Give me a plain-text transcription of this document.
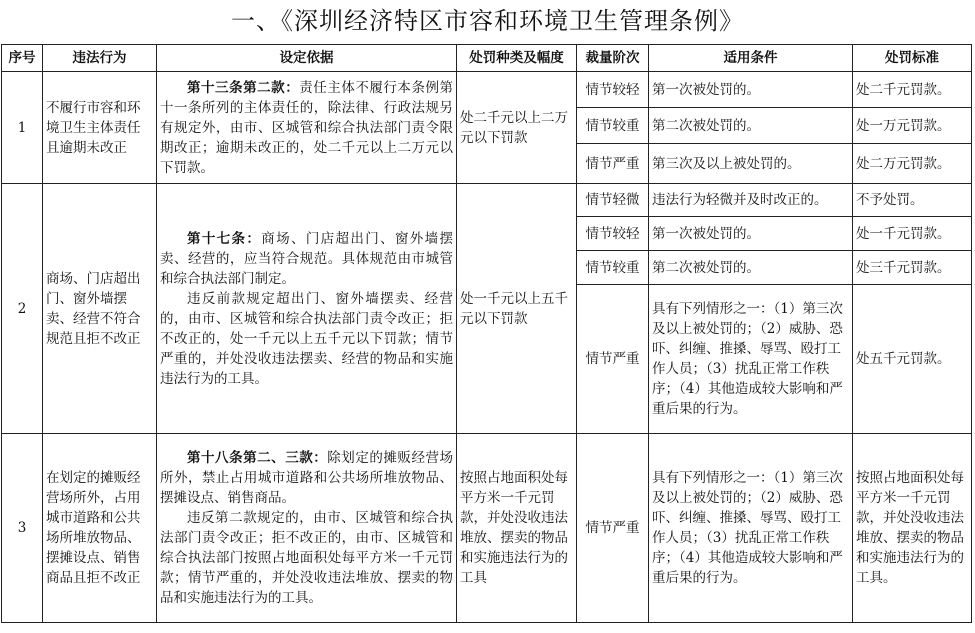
一、《深圳经济特区市容和环境卫生管理条例》
序号	违法行为	设定依据	处罚种类及幅度	裁量阶次	适用条件	处罚标准
1	不履行市容和环境卫生主体责任且逾期未改正	第十三条第二款：责任主体不履行本条例第十一条所列的主体责任的，除法律、行政法规另有规定外，由市、区城管和综合执法部门责令限期改正；逾期未改正的，处二千元以上二万元以下罚款。	处二千元以上二万元以下罚款	情节较轻	第一次被处罚的。	处二千元罚款。
				情节较重	第二次被处罚的。	处一万元罚款。
				情节严重	第三次及以上被处罚的。	处二万元罚款。
2	商场、门店超出门、窗外墙摆卖、经营不符合规范且拒不改正	第十七条：商场、门店超出门、窗外墙摆卖、经营的，应当符合规范。具体规范由市城管和综合执法部门制定。

违反前款规定超出门、窗外墙摆卖、经营的，由市、区城管和综合执法部门责令改正；拒不改正的，处一千元以上五千元以下罚款；情节严重的，并处没收违法摆卖、经营的物品和实施违法行为的工具。	处一千元以上五千元以下罚款	情节轻微	违法行为轻微并及时改正的。	不予处罚。
				情节较轻	第一次被处罚的。	处一千元罚款。
				情节较重	第二次被处罚的。	处三千元罚款。
				情节严重	具有下列情形之一：（1）第三次及以上被处罚的；（2）威胁、恐吓、纠缠、推搡、辱骂、殴打工作人员；（3）扰乱正常工作秩序；（4）其他造成较大影响和严重后果的行为。	处五千元罚款。
3	在划定的摊贩经营场所外，占用城市道路和公共场所堆放物品、摆摊设点、销售商品且拒不改正	第十八条第二、三款：除划定的摊贩经营场所外，禁止占用城市道路和公共场所堆放物品、摆摊设点、销售商品。

违反第二款规定的，由市、区城管和综合执法部门责令改正；拒不改正的，由市、区城管和综合执法部门按照占地面积处每平方米一千元罚款；情节严重的，并处没收违法堆放、摆卖的物品和实施违法行为的工具。	按照占地面积处每平方米一千元罚款，并处没收违法堆放、摆卖的物品和实施违法行为的工具	情节严重	具有下列情形之一：（1）第三次及以上被处罚的；（2）威胁、恐吓、纠缠、推搡、辱骂、殴打工作人员；（3）扰乱正常工作秩序；（4）其他造成较大影响和严重后果的行为。	按照占地面积处每平方米一千元罚款，并处没收违法堆放、摆卖的物品和实施违法行为的工具。
